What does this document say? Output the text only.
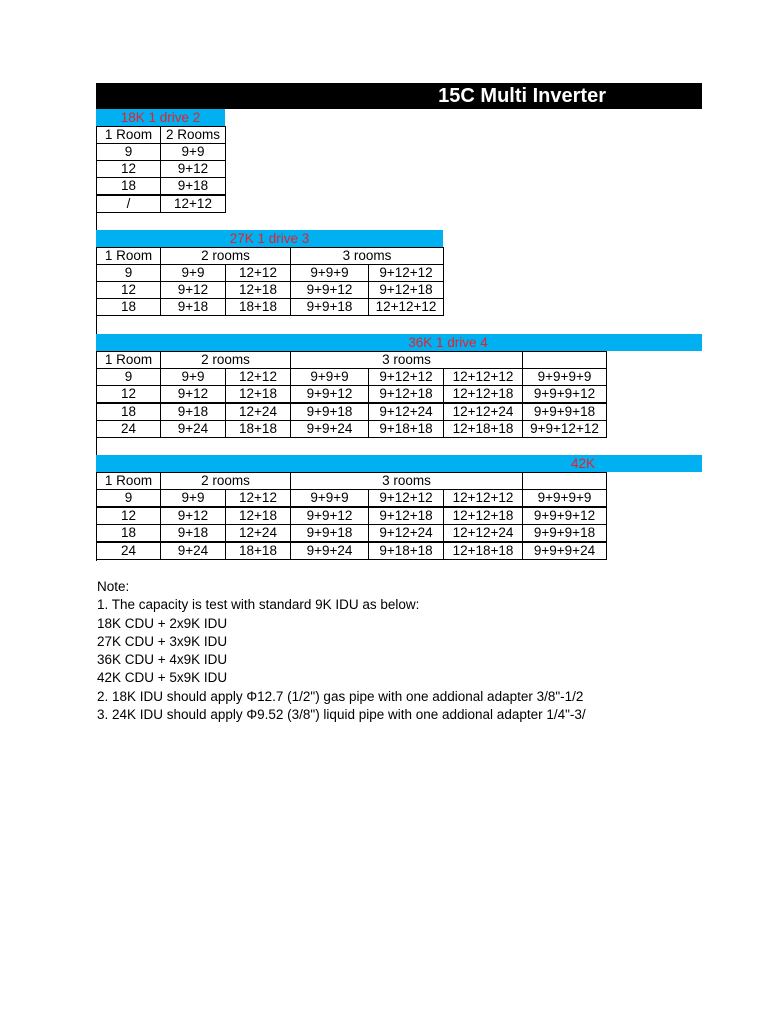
15C Multi Inverter
18K 1 drive 2
1 Room	2 Rooms
9	9+9
12	9+12
18	9+18
/	12+12
27K 1 drive 3
1 Room	2 rooms	3 rooms
9	9+9	12+12	9+9+9	9+12+12
12	9+12	12+18	9+9+12	9+12+18
18	9+18	18+18	9+9+18	12+12+12
36K 1 drive 4
1 Room	2 rooms	3 rooms
9	9+9	12+12	9+9+9	9+12+12	12+12+12	9+9+9+9
12	9+12	12+18	9+9+12	9+12+18	12+12+18	9+9+9+12
18	9+18	12+24	9+9+18	9+12+24	12+12+24	9+9+9+18
24	9+24	18+18	9+9+24	9+18+18	12+18+18	9+9+12+12
42K
1 Room	2 rooms	3 rooms
9	9+9	12+12	9+9+9	9+12+12	12+12+12	9+9+9+9
12	9+12	12+18	9+9+12	9+12+18	12+12+18	9+9+9+12
18	9+18	12+24	9+9+18	9+12+24	12+12+24	9+9+9+18
24	9+24	18+18	9+9+24	9+18+18	12+18+18	9+9+9+24
Note:
1. The capacity is test with standard 9K IDU as below:
18K CDU + 2x9K IDU
27K CDU + 3x9K IDU
36K CDU + 4x9K IDU
42K CDU + 5x9K IDU
2. 18K IDU should apply Φ12.7 (1/2") gas pipe with one addional adapter 3/8"-1/2
3. 24K IDU should apply Φ9.52 (3/8") liquid pipe with one addional adapter 1/4"-3/
